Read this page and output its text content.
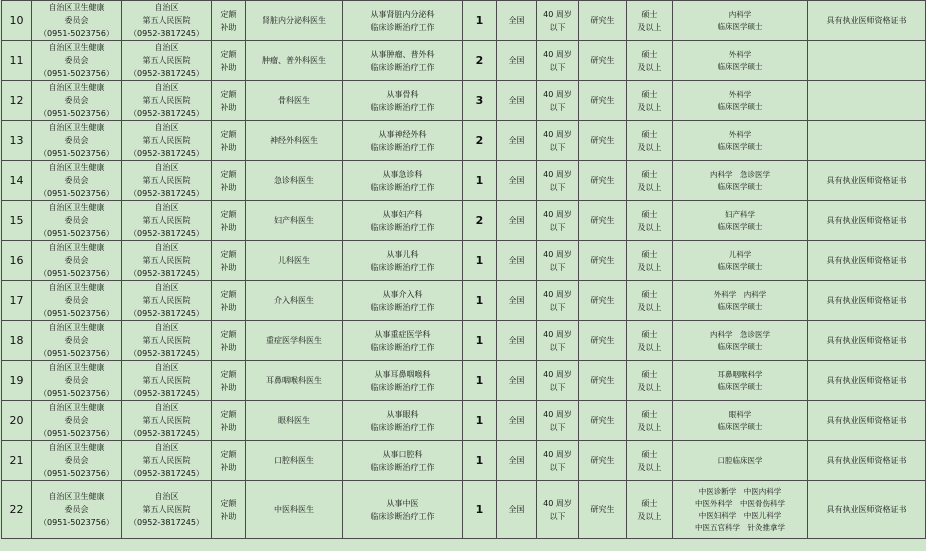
10	自治区卫生健康
委员会
（0951-5023756）	自治区
第五人民医院
（0952-3817245）	定额
补助	肾脏内分泌科医生	从事肾脏内分泌科
临床诊断治疗工作	1	全国	40 周岁
以下	研究生	硕士
及以上	内科学
临床医学硕士	具有执业医师资格证书
11	自治区卫生健康
委员会
（0951-5023756）	自治区
第五人民医院
（0952-3817245）	定额
补助	肿瘤、普外科医生	从事肿瘤、普外科
临床诊断治疗工作	2	全国	40 周岁
以下	研究生	硕士
及以上	外科学
临床医学硕士	
12	自治区卫生健康
委员会
（0951-5023756）	自治区
第五人民医院
（0952-3817245）	定额
补助	骨科医生	从事骨科
临床诊断治疗工作	3	全国	40 周岁
以下	研究生	硕士
及以上	外科学
临床医学硕士	
13	自治区卫生健康
委员会
（0951-5023756）	自治区
第五人民医院
（0952-3817245）	定额
补助	神经外科医生	从事神经外科
临床诊断治疗工作	2	全国	40 周岁
以下	研究生	硕士
及以上	外科学
临床医学硕士	
14	自治区卫生健康
委员会
（0951-5023756）	自治区
第五人民医院
（0952-3817245）	定额
补助	急诊科医生	从事急诊科
临床诊断治疗工作	1	全国	40 周岁
以下	研究生	硕士
及以上	内科学　急诊医学
临床医学硕士	具有执业医师资格证书
15	自治区卫生健康
委员会
（0951-5023756）	自治区
第五人民医院
（0952-3817245）	定额
补助	妇产科医生	从事妇产科
临床诊断治疗工作	2	全国	40 周岁
以下	研究生	硕士
及以上	妇产科学
临床医学硕士	具有执业医师资格证书
16	自治区卫生健康
委员会
（0951-5023756）	自治区
第五人民医院
（0952-3817245）	定额
补助	儿科医生	从事儿科
临床诊断治疗工作	1	全国	40 周岁
以下	研究生	硕士
及以上	儿科学
临床医学硕士	具有执业医师资格证书
17	自治区卫生健康
委员会
（0951-5023756）	自治区
第五人民医院
（0952-3817245）	定额
补助	介入科医生	从事介入科
临床诊断治疗工作	1	全国	40 周岁
以下	研究生	硕士
及以上	外科学　内科学
临床医学硕士	具有执业医师资格证书
18	自治区卫生健康
委员会
（0951-5023756）	自治区
第五人民医院
（0952-3817245）	定额
补助	重症医学科医生	从事重症医学科
临床诊断治疗工作	1	全国	40 周岁
以下	研究生	硕士
及以上	内科学　急诊医学
临床医学硕士	具有执业医师资格证书
19	自治区卫生健康
委员会
（0951-5023756）	自治区
第五人民医院
（0952-3817245）	定额
补助	耳鼻咽喉科医生	从事耳鼻咽喉科
临床诊断治疗工作	1	全国	40 周岁
以下	研究生	硕士
及以上	耳鼻咽喉科学
临床医学硕士	具有执业医师资格证书
20	自治区卫生健康
委员会
（0951-5023756）	自治区
第五人民医院
（0952-3817245）	定额
补助	眼科医生	从事眼科
临床诊断治疗工作	1	全国	40 周岁
以下	研究生	硕士
及以上	眼科学
临床医学硕士	具有执业医师资格证书
21	自治区卫生健康
委员会
（0951-5023756）	自治区
第五人民医院
（0952-3817245）	定额
补助	口腔科医生	从事口腔科
临床诊断治疗工作	1	全国	40 周岁
以下	研究生	硕士
及以上	口腔临床医学	具有执业医师资格证书
22	自治区卫生健康
委员会
（0951-5023756）	自治区
第五人民医院
（0952-3817245）	定额
补助	中医科医生	从事中医
临床诊断治疗工作	1	全国	40 周岁
以下	研究生	硕士
及以上	中医诊断学　中医内科学
中医外科学　中医骨伤科学
中医妇科学　中医儿科学
中医五官科学　针灸推拿学	具有执业医师资格证书
